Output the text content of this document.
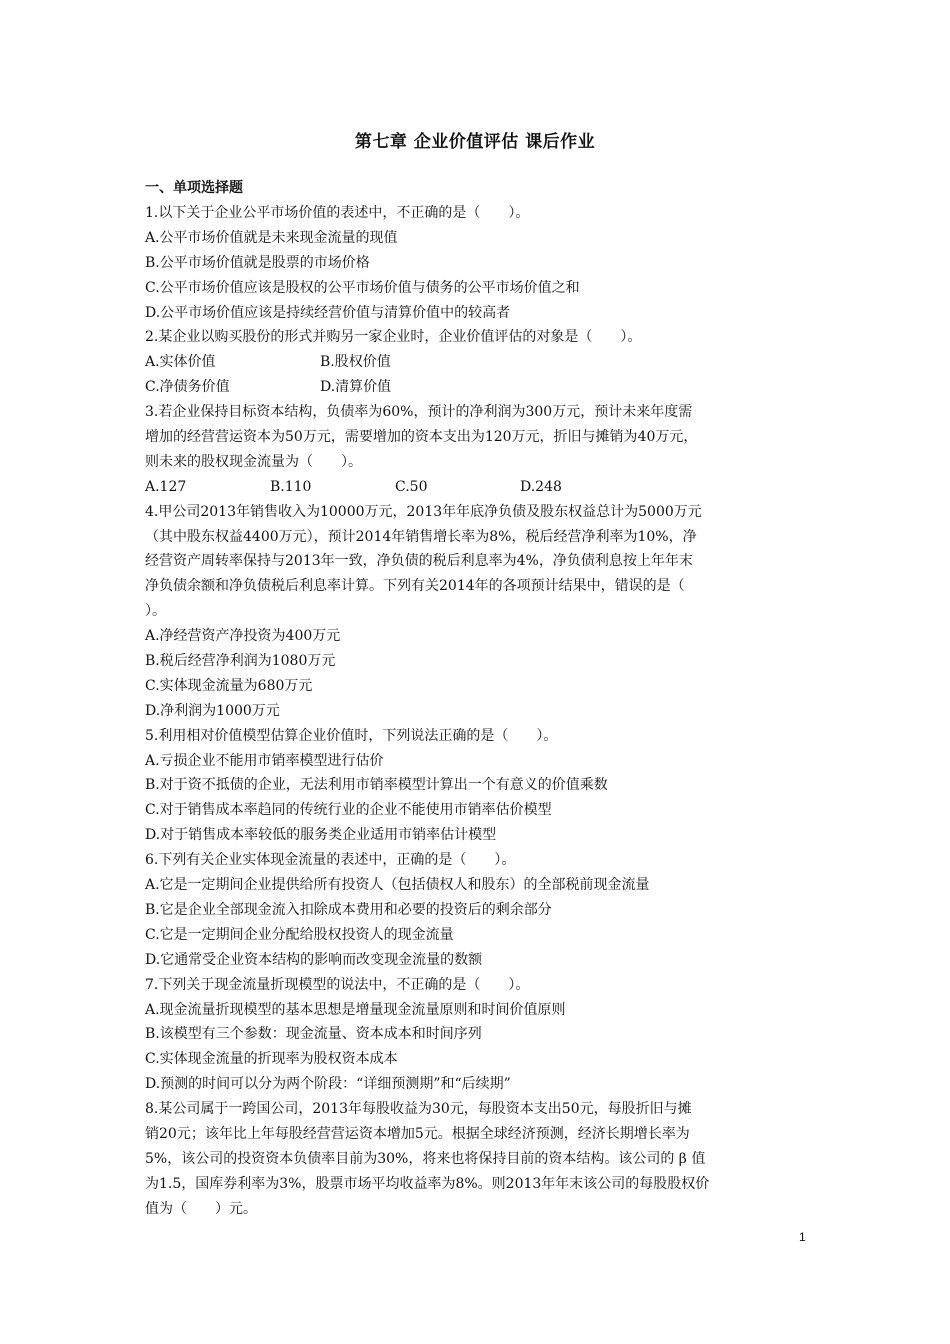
第七章 企业价值评估 课后作业
一、单项选择题
1.以下关于企业公平市场价值的表述中，不正确的是（　　）。
A.公平市场价值就是未来现金流量的现值
B.公平市场价值就是股票的市场价格
C.公平市场价值应该是股权的公平市场价值与债务的公平市场价值之和
D.公平市场价值应该是持续经营价值与清算价值中的较高者
2.某企业以购买股份的形式并购另一家企业时，企业价值评估的对象是（　　）。
A.实体价值	B.股权价值
C.净债务价值	D.清算价值
3.若企业保持目标资本结构，负债率为60%，预计的净利润为300万元，预计未来年度需
增加的经营营运资本为50万元，需要增加的资本支出为120万元，折旧与摊销为40万元，
则未来的股权现金流量为（　　）。
A.127	B.110	C.50	D.248
4.甲公司2013年销售收入为10000万元，2013年年底净负债及股东权益总计为5000万元
（其中股东权益4400万元），预计2014年销售增长率为8%，税后经营净利率为10%，净
经营资产周转率保持与2013年一致，净负债的税后利息率为4%，净负债利息按上年年末
净负债余额和净负债税后利息率计算。下列有关2014年的各项预计结果中，错误的是（
）。
A.净经营资产净投资为400万元
B.税后经营净利润为1080万元
C.实体现金流量为680万元
D.净利润为1000万元
5.利用相对价值模型估算企业价值时，下列说法正确的是（　　）。
A.亏损企业不能用市销率模型进行估价
B.对于资不抵债的企业，无法利用市销率模型计算出一个有意义的价值乘数
C.对于销售成本率趋同的传统行业的企业不能使用市销率估价模型
D.对于销售成本率较低的服务类企业适用市销率估计模型
6.下列有关企业实体现金流量的表述中，正确的是（　　）。
A.它是一定期间企业提供给所有投资人（包括债权人和股东）的全部税前现金流量
B.它是企业全部现金流入扣除成本费用和必要的投资后的剩余部分
C.它是一定期间企业分配给股权投资人的现金流量
D.它通常受企业资本结构的影响而改变现金流量的数额
7.下列关于现金流量折现模型的说法中，不正确的是（　　）。
A.现金流量折现模型的基本思想是增量现金流量原则和时间价值原则
B.该模型有三个参数：现金流量、资本成本和时间序列
C.实体现金流量的折现率为股权资本成本
D.预测的时间可以分为两个阶段：“详细预测期”和“后续期”
8.某公司属于一跨国公司，2013年每股收益为30元，每股资本支出50元，每股折旧与摊
销20元；该年比上年每股经营营运资本增加5元。根据全球经济预测，经济长期增长率为
5%，该公司的投资资本负债率目前为30%，将来也将保持目前的资本结构。该公司的 β 值
为1.5，国库券利率为3%，股票市场平均收益率为8%。则2013年年末该公司的每股股权价
值为（　　）元。
1
